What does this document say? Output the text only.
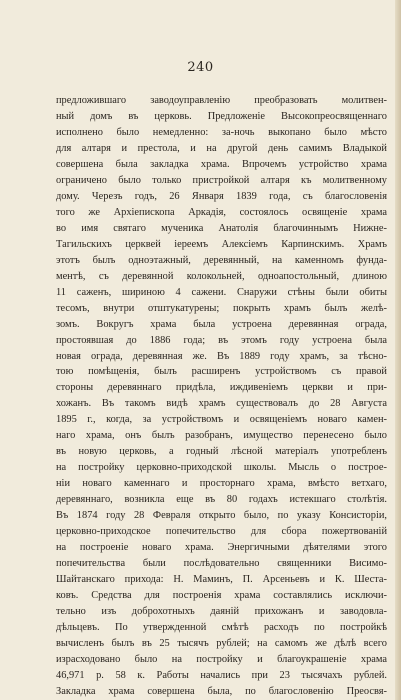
240
предложившаго заводоуправленію преобразовать молитвен-
ный домъ въ церковь. Предложеніе Высокопреосвященнаго
исполнено было немедленно: за-ночь выкопано было мѣсто
для алтаря и престола, и на другой день самимъ Владыкой
совершена была закладка храма. Впрочемъ устройство храма
ограничено было только пристройкой алтаря къ молитвенному
дому. Черезъ годъ, 26 Января 1839 года, съ благословенія
того же Архіепископа Аркадія, состоялось освященіе храма
во имя святаго мученика Анатолія благочиннымъ Нижне-
Тагильскихъ церквей іереемъ Алексіемъ Карпинскимъ. Храмъ
этотъ былъ одноэтажный, деревянный, на каменномъ фунда-
ментѣ, съ деревянной колокольней, одноапостольный, длиною
11 саженъ, шириною 4 сажени. Снаружи стѣны были обиты
тесомъ, внутри отштукатурены; покрыть храмъ былъ желѣ-
зомъ. Вокругъ храма была устроена деревянная ограда,
простоявшая до 1886 года; въ этомъ году устроена была
новая ограда, деревянная же. Въ 1889 году храмъ, за тѣсно-
тою помѣщенія, былъ расширенъ устройствомъ съ правой
стороны деревяннаго придѣла, иждивеніемъ церкви и при-
хожанъ. Въ такомъ видѣ храмъ существовалъ до 28 Августа
1895 г., когда, за устройствомъ и освященіемъ новаго камен-
наго храма, онъ былъ разобранъ, имущество перенесено было
въ новую церковь, а годный лѣсной матеріалъ употребленъ
на постройку церковно-приходской школы. Мысль о построе-
ніи новаго каменнаго и просторнаго храма, вмѣсто ветхаго,
деревяннаго, возникла еще въ 80 годахъ истекшаго столѣтія.
Въ 1874 году 28 Февраля открыто было, по указу Консисторіи,
церковно-приходское попечительство для сбора пожертвованій
на построеніе новаго храма. Энергичными дѣятелями этого
попечительства были послѣдовательно священники Висимо-
Шайтанскаго прихода: Н. Маминъ, П. Арсеньевъ и К. Шеста-
ковъ. Средства для построенія храма составлялись исключи-
тельно изъ доброхотныхъ даяній прихожанъ и заводовла-
дѣльцевъ. По утвержденной смѣтѣ расходъ по постройкѣ
вычисленъ былъ въ 25 тысячъ рублей; на самомъ же дѣлѣ всего
израсходовано было на постройку и благоукрашеніе храма
46,971 р. 58 к. Работы начались при 23 тысячахъ рублей.
Закладка храма совершена была, по благословенію Преосвя-
